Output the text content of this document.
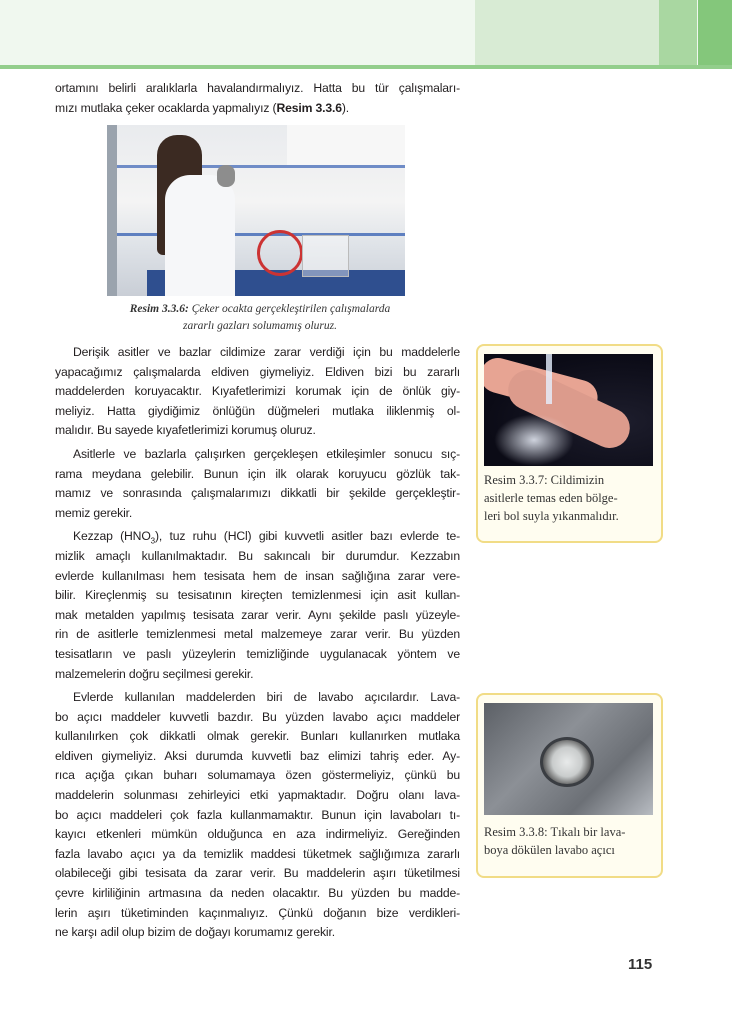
ortamını belirli aralıklarla havalandırmalıyız. Hatta bu tür çalışmaları-
mızı mutlaka çeker ocaklarda yapmalıyız (Resim 3.3.6).
Resim 3.3.6: Çeker ocakta gerçekleştirilen çalışmalarda
zararlı gazları solumamış oluruz.
Derişik asitler ve bazlar cildimize zarar verdiği için bu maddelerle
yapacağımız çalışmalarda eldiven giymeliyiz. Eldiven bizi bu zararlı
maddelerden koruyacaktır. Kıyafetlerimizi korumak için de önlük giy-
meliyiz. Hatta giydiğimiz önlüğün düğmeleri mutlaka iliklenmiş ol-
malıdır. Bu sayede kıyafetlerimizi korumuş oluruz.
Asitlerle ve bazlarla çalışırken gerçekleşen etkileşimler sonucu sıç-
rama meydana gelebilir. Bunun için ilk olarak koruyucu gözlük tak-
mamız ve sonrasında çalışmalarımızı dikkatli bir şekilde gerçekleştir-
memiz gerekir.
Kezzap $(HNO_3)$, tuz ruhu (HCl) gibi kuvvetli asitler bazı evlerde te-
mizlik amaçlı kullanılmaktadır. Bu sakıncalı bir durumdur. Kezzabın
evlerde kullanılması hem tesisata hem de insan sağlığına zarar vere-
bilir. Kireçlenmiş su tesisatının kireçten temizlenmesi için asit kullan-
mak metalden yapılmış tesisata zarar verir. Aynı şekilde paslı yüzeyle-
rin de asitlerle temizlenmesi metal malzemeye zarar verir. Bu yüzden
tesisatların ve paslı yüzeylerin temizliğinde uygulanacak yöntem ve
malzemelerin doğru seçilmesi gerekir.
Evlerde kullanılan maddelerden biri de lavabo açıcılardır. Lava-
bo açıcı maddeler kuvvetli bazdır. Bu yüzden lavabo açıcı maddeler
kullanılırken çok dikkatli olmak gerekir. Bunları kullanırken mutlaka
eldiven giymeliyiz. Aksi durumda kuvvetli baz elimizi tahriş eder. Ay-
rıca açığa çıkan buharı solumamaya özen göstermeliyiz, çünkü bu
maddelerin solunması zehirleyici etki yapmaktadır. Doğru olanı lava-
bo açıcı maddeleri çok fazla kullanmamaktır. Bunun için lavaboları tı-
kayıcı etkenleri mümkün olduğunca en aza indirmeliyiz. Gereğinden
fazla lavabo açıcı ya da temizlik maddesi tüketmek sağlığımıza zararlı
olabileceği gibi tesisata da zarar verir. Bu maddelerin aşırı tüketilmesi
çevre kirliliğinin artmasına da neden olacaktır. Bu yüzden bu madde-
lerin aşırı tüketiminden kaçınmalıyız. Çünkü doğanın bize verdikleri-
ne karşı adil olup bizim de doğayı korumamız gerekir.
Resim 3.3.7: Cildimizin
asitlerle temas eden bölge-
leri bol suyla yıkanmalıdır.
Resim 3.3.8: Tıkalı bir lava-
boya dökülen lavabo açıcı
115
